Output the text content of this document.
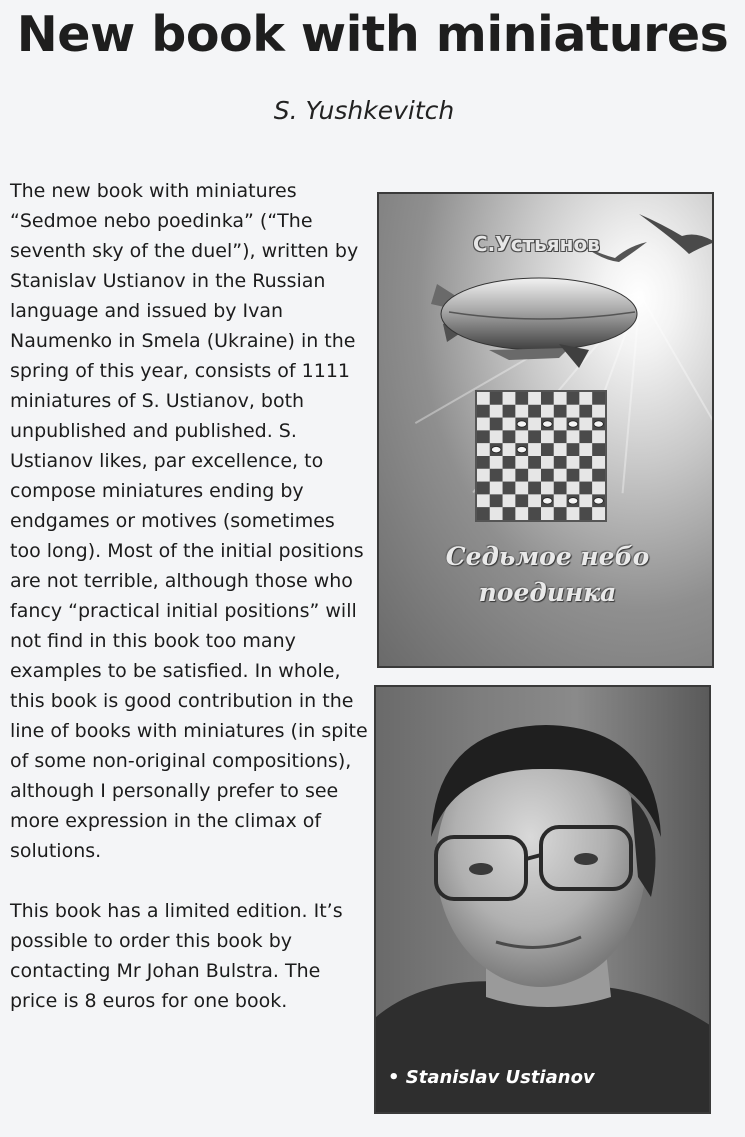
New book with miniatures
S. Yushkevitch

The new book with miniatures “Sedmoe nebo poedinka” (“The seventh sky of the duel”), written by Stanislav Ustianov in the Russian language and issued by Ivan Naumenko in Smela (Ukraine) in the spring of this year, consists of 1111 miniatures of S. Ustianov, both unpublished and published. S. Ustianov likes, par excellence, to compose miniatures ending by endgames or motives (sometimes too long). Most of the initial positions are not terrible, although those who fancy “practical initial positions” will not find in this book too many examples to be satisfied. In whole, this book is good contribution in the line of books with miniatures (in spite of some non-original compositions), although I personally prefer to see more expression in the climax of solutions.

This book has a limited edition. It’s possible to order this book by contacting Mr Johan Bulstra. The price is 8 euros for one book.

С.Устьянов
Седьмое небо
поединка
• Stanislav Ustianov
